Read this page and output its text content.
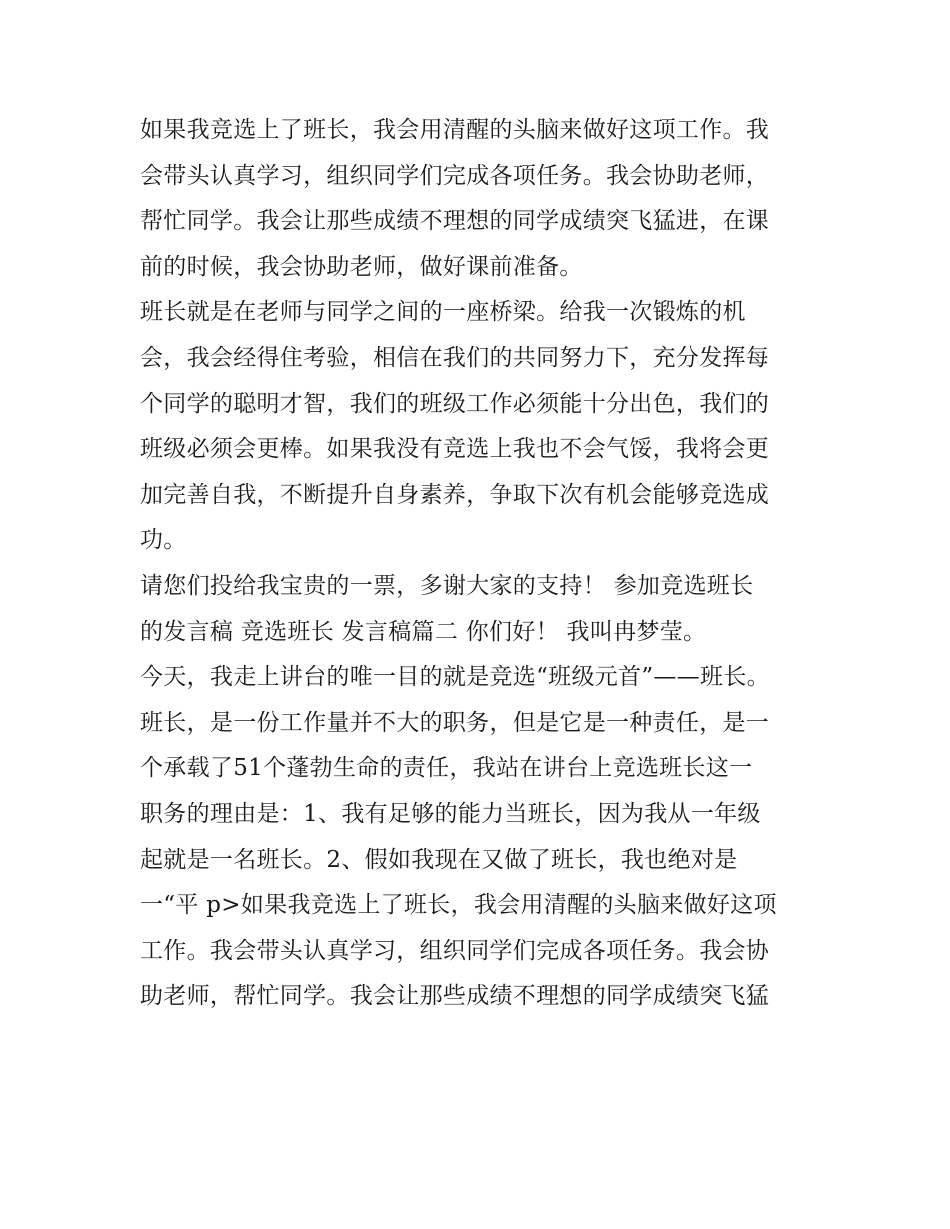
如果我竞选上了班长，我会用清醒的头脑来做好这项工作。我
会带头认真学习，组织同学们完成各项任务。我会协助老师，
帮忙同学。我会让那些成绩不理想的同学成绩突飞猛进，在课
前的时候，我会协助老师，做好课前准备。
班长就是在老师与同学之间的一座桥梁。给我一次锻炼的机
会，我会经得住考验，相信在我们的共同努力下，充分发挥每
个同学的聪明才智，我们的班级工作必须能十分出色，我们的
班级必须会更棒。如果我没有竞选上我也不会气馁，我将会更
加完善自我，不断提升自身素养，争取下次有机会能够竞选成
功。
请您们投给我宝贵的一票，多谢大家的支持！ 参加竞选班长
的发言稿 竞选班长 发言稿篇二 你们好！ 我叫冉梦莹。
今天，我走上讲台的唯一目的就是竞选“班级元首”——班长。
班长，是一份工作量并不大的职务，但是它是一种责任，是一
个承载了51个蓬勃生命的责任，我站在讲台上竞选班长这一
职务的理由是：1、我有足够的能力当班长，因为我从一年级
起就是一名班长。2、假如我现在又做了班长，我也绝对是
一“平 p>如果我竞选上了班长，我会用清醒的头脑来做好这项
工作。我会带头认真学习，组织同学们完成各项任务。我会协
助老师，帮忙同学。我会让那些成绩不理想的同学成绩突飞猛
